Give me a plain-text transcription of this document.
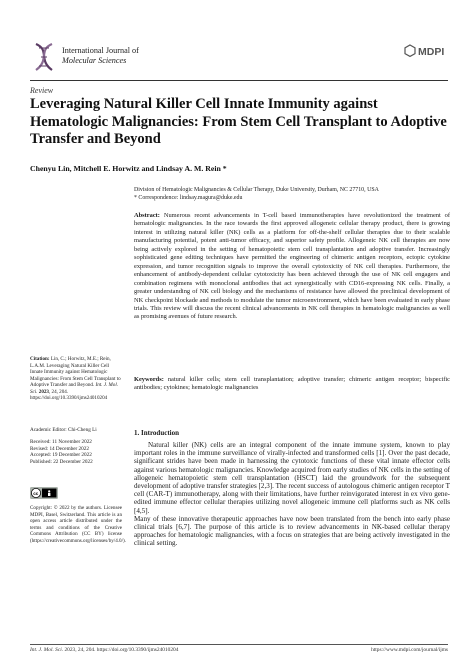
International Journal of
Molecular Sciences
MDPI
Review
Leveraging Natural Killer Cell Innate Immunity against Hematologic Malignancies: From Stem Cell Transplant to Adoptive Transfer and Beyond
Chenyu Lin, Mitchell E. Horwitz and Lindsay A. M. Rein *
Division of Hematologic Malignancies & Cellular Therapy, Duke University, Durham, NC 27710, USA
* Correspondence: lindsay.magura@duke.edu
Abstract: Numerous recent advancements in T-cell based immunotherapies have revolutionized the treatment of hematologic malignancies. In the race towards the first approved allogeneic cellular therapy product, there is growing interest in utilizing natural killer (NK) cells as a platform for off-the-shelf cellular therapies due to their scalable manufacturing potential, potent anti-tumor efficacy, and superior safety profile. Allogeneic NK cell therapies are now being actively explored in the setting of hematopoietic stem cell transplantation and adoptive transfer. Increasingly sophisticated gene editing techniques have permitted the engineering of chimeric antigen receptors, ectopic cytokine expression, and tumor recognition signals to improve the overall cytotoxicity of NK cell therapies. Furthermore, the enhancement of antibody-dependent cellular cytotoxicity has been achieved through the use of NK cell engagers and combination regimens with monoclonal antibodies that act synergistically with CD16-expressing NK cells. Finally, a greater understanding of NK cell biology and the mechanisms of resistance have allowed the preclinical development of NK checkpoint blockade and methods to modulate the tumor microenvironment, which have been evaluated in early phase trials. This review will discuss the recent clinical advancements in NK cell therapies in hematologic malignancies as well as promising avenues of future research.
Keywords: natural killer cells; stem cell transplantation; adoptive transfer; chimeric antigen receptor; bispecific antibodies; cytokines; hematologic malignancies
Citation: Lin, C.; Horwitz, M.E.; Rein, L.A.M. Leveraging Natural Killer Cell Innate Immunity against Hematologic Malignancies: From Stem Cell Transplant to Adoptive Transfer and Beyond. Int. J. Mol. Sci. 2023, 24, 204. https://doi.org/10.3390/ijms24010204
Academic Editor: Chi-Cheng Li
Received: 11 November 2022
Revised: 14 December 2022
Accepted: 19 December 2022
Published: 22 December 2022
cc
Copyright: © 2022 by the authors. Licensee MDPI, Basel, Switzerland. This article is an open access article distributed under the terms and conditions of the Creative Commons Attribution (CC BY) license (https://creativecommons.org/licenses/by/4.0/).
1. Introduction

Natural killer (NK) cells are an integral component of the innate immune system, known to play important roles in the immune surveillance of virally-infected and transformed cells [1]. Over the past decade, significant strides have been made in harnessing the cytotoxic functions of these vital innate effector cells against various hematologic malignancies. Knowledge acquired from early studies of NK cells in the setting of allogeneic hematopoietic stem cell transplantation (HSCT) laid the groundwork for the subsequent development of adoptive transfer strategies [2,3]. The recent success of autologous chimeric antigen receptor T cell (CAR-T) immunotherapy, along with their limitations, have further reinvigorated interest in ex vivo gene-edited immune effector cellular therapies utilizing novel allogeneic immune cell platforms such as NK cells [4,5].

Many of these innovative therapeutic approaches have now been translated from the bench into early phase clinical trials [6,7]. The purpose of this article is to review advancements in NK-based cellular therapy approaches for hematologic malignancies, with a focus on strategies that are being actively investigated in the clinical setting.

Int. J. Mol. Sci. 2023, 24, 204. https://doi.org/10.3390/ijms24010204	https://www.mdpi.com/journal/ijms
